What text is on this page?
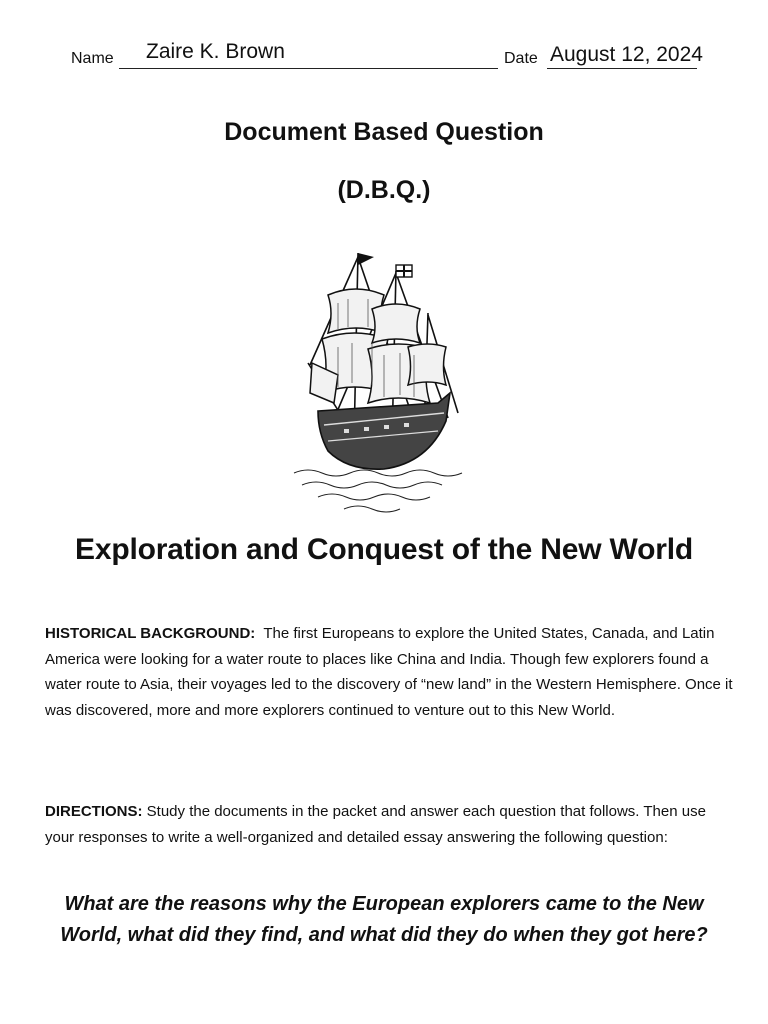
Name Zaire K. Brown	Date August 12, 2024
Document Based Question
(D.B.Q.)
Exploration and Conquest of the New World
HISTORICAL BACKGROUND: The first Europeans to explore the United States, Canada, and Latin America were looking for a water route to places like China and India. Though few explorers found a water route to Asia, their voyages led to the discovery of “new land” in the Western Hemisphere. Once it was discovered, more and more explorers continued to venture out to this New World.
DIRECTIONS: Study the documents in the packet and answer each question that follows. Then use your responses to write a well-organized and detailed essay answering the following question:
What are the reasons why the European explorers came to the New World, what did they find, and what did they do when they got here?
